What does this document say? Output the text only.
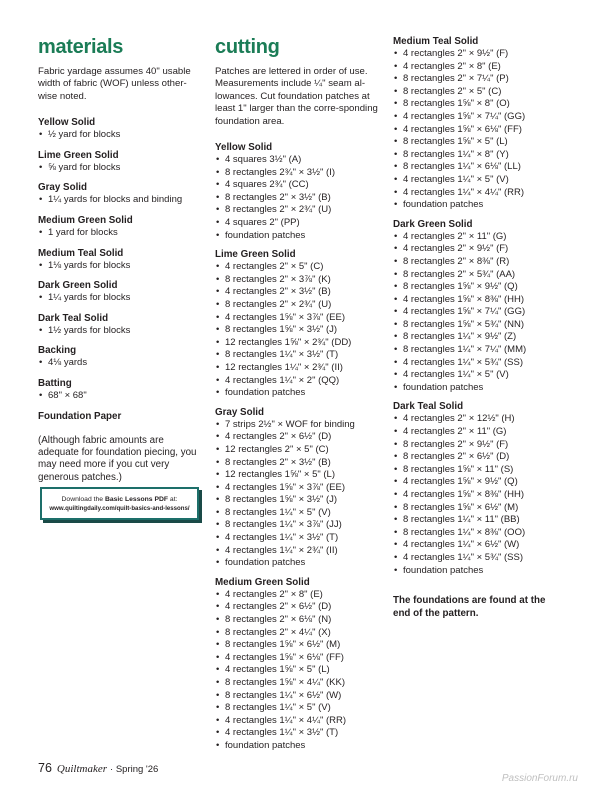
materials

Fabric yardage assumes 40" usable width of fabric (WOF) unless other-wise noted.

Yellow Solid
• ½ yard for blocks
Lime Green Solid
• ⅝ yard for blocks
Gray Solid
• 1¼ yards for blocks and binding
Medium Green Solid
• 1 yard for blocks
Medium Teal Solid
• 1⅛ yards for blocks
Dark Green Solid
• 1¼ yards for blocks
Dark Teal Solid
• 1½ yards for blocks
Backing
• 4⅛ yards
Batting
• 68" × 68"
Foundation Paper

(Although fabric amounts are adequate for foundation piecing, you may need more if you cut very generous patches.)

Download the Basic Lessons PDF at:
www.quiltingdaily.com/quilt-basics-and-lessons/
cutting

Patches are lettered in order of use. Measurements include ¼" seam al-lowances. Cut foundation patches at least 1" larger than the corre-sponding foundation area.

Yellow Solid
• 4 squares 3½" (A)
• 8 rectangles 2¾" × 3½" (I)
• 4 squares 2¾" (CC)
• 8 rectangles 2" × 3½" (B)
• 8 rectangles 2" × 2¾" (U)
• 4 squares 2" (PP)
• foundation patches
Lime Green Solid
• 4 rectangles 2" × 5" (C)
• 8 rectangles 2" × 3⅞" (K)
• 4 rectangles 2" × 3½" (B)
• 8 rectangles 2" × 2¾" (U)
• 4 rectangles 1⅝" × 3⅞" (EE)
• 8 rectangles 1⅝" × 3½" (J)
• 12 rectangles 1⅝" × 2¾" (DD)
• 8 rectangles 1¼" × 3½" (T)
• 12 rectangles 1¼" × 2¾" (II)
• 4 rectangles 1¼" × 2" (QQ)
• foundation patches
Gray Solid
• 7 strips 2½" × WOF for binding
• 4 rectangles 2" × 6½" (D)
• 12 rectangles 2" × 5" (C)
• 8 rectangles 2" × 3½" (B)
• 12 rectangles 1⅝" × 5" (L)
• 4 rectangles 1⅝" × 3⅞" (EE)
• 8 rectangles 1⅝" × 3½" (J)
• 8 rectangles 1¼" × 5" (V)
• 8 rectangles 1¼" × 3⅞" (JJ)
• 4 rectangles 1¼" × 3½" (T)
• 4 rectangles 1¼" × 2¾" (II)
• foundation patches
Medium Green Solid
• 4 rectangles 2" × 8" (E)
• 4 rectangles 2" × 6½" (D)
• 8 rectangles 2" × 6⅛" (N)
• 8 rectangles 2" × 4¼" (X)
• 8 rectangles 1⅝" × 6½" (M)
• 4 rectangles 1⅝" × 6⅛" (FF)
• 4 rectangles 1⅝" × 5" (L)
• 8 rectangles 1⅝" × 4¼" (KK)
• 8 rectangles 1¼" × 6½" (W)
• 8 rectangles 1¼" × 5" (V)
• 4 rectangles 1¼" × 4¼" (RR)
• 4 rectangles 1¼" × 3½" (T)
• foundation patches
Medium Teal Solid
• 4 rectangles 2" × 9½" (F)
• 4 rectangles 2" × 8" (E)
• 8 rectangles 2" × 7¼" (P)
• 8 rectangles 2" × 5" (C)
• 8 rectangles 1⅝" × 8" (O)
• 4 rectangles 1⅝" × 7¼" (GG)
• 4 rectangles 1⅝" × 6⅛" (FF)
• 8 rectangles 1⅝" × 5" (L)
• 8 rectangles 1¼" × 8" (Y)
• 8 rectangles 1¼" × 6⅛" (LL)
• 4 rectangles 1¼" × 5" (V)
• 4 rectangles 1¼" × 4¼" (RR)
• foundation patches
Dark Green Solid
• 4 rectangles 2" × 11" (G)
• 4 rectangles 2" × 9½" (F)
• 8 rectangles 2" × 8⅜" (R)
• 8 rectangles 2" × 5¾" (AA)
• 8 rectangles 1⅝" × 9½" (Q)
• 4 rectangles 1⅝" × 8⅜" (HH)
• 4 rectangles 1⅝" × 7¼" (GG)
• 8 rectangles 1⅝" × 5¾" (NN)
• 8 rectangles 1¼" × 9½" (Z)
• 8 rectangles 1¼" × 7¼" (MM)
• 4 rectangles 1¼" × 5¾" (SS)
• 4 rectangles 1¼" × 5" (V)
• foundation patches
Dark Teal Solid
• 4 rectangles 2" × 12½" (H)
• 4 rectangles 2" × 11" (G)
• 8 rectangles 2" × 9½" (F)
• 8 rectangles 2" × 6½" (D)
• 8 rectangles 1⅝" × 11" (S)
• 4 rectangles 1⅝" × 9½" (Q)
• 4 rectangles 1⅝" × 8⅜" (HH)
• 8 rectangles 1⅝" × 6½" (M)
• 8 rectangles 1¼" × 11" (BB)
• 8 rectangles 1¼" × 8⅜" (OO)
• 4 rectangles 1¼" × 6½" (W)
• 4 rectangles 1¼" × 5¾" (SS)
• foundation patches

The foundations are found at the end of the pattern.

76 Quiltmaker · Spring '26
PassionForum.ru
